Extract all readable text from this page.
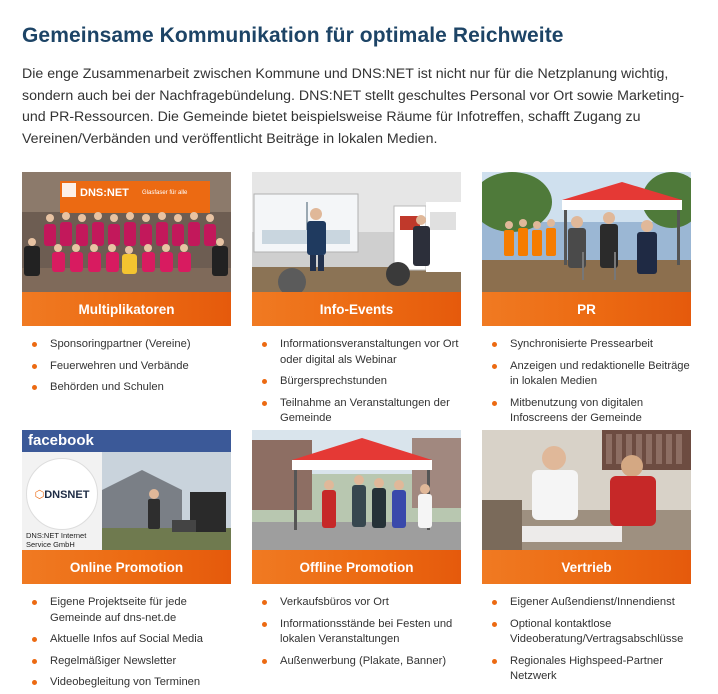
Gemeinsame Kommunikation für optimale Reichweite

Die enge Zusammenarbeit zwischen Kommune und DNS:NET ist nicht nur für die Netzplanung wichtig, sondern auch bei der Nachfragebündelung. DNS:NET stellt geschultes Personal vor Ort sowie Marketing- und PR-Ressourcen. Die Gemeinde bietet beispielsweise Räume für Infotreffen, schafft Zugang zu Vereinen/Verbänden und veröffentlicht Beiträge in lokalen Medien.

DNS:NET Glasfaser für alle
Multiplikatoren
Sponsoringpartner (Vereine)
Feuerwehren und Verbände
Behörden und Schulen
Info-Events
Informationsveranstaltungen vor Ort oder digital als Webinar
Bürgersprechstunden
Teilnahme an Veranstaltungen der Gemeinde
PR
Synchronisierte Pressearbeit
Anzeigen und redaktionelle Beiträge in lokalen Medien
Mitbenutzung von digitalen Infoscreens der Gemeinde
facebook
⬡DNSNET
DNS:NET Internet Service GmbH
Online Promotion
Eigene Projektseite für jede Gemeinde auf dns-net.de
Aktuelle Infos auf Social Media
Regelmäßiger Newsletter
Videobegleitung von Terminen
Offline Promotion
Verkaufsbüros vor Ort
Informationsstände bei Festen und lokalen Veranstaltungen
Außenwerbung (Plakate, Banner)
Vertrieb
Eigener Außendienst/Innendienst
Optional kontaktlose Videoberatung/Vertragsabschlüsse
Regionales Highspeed-Partner Netzwerk
